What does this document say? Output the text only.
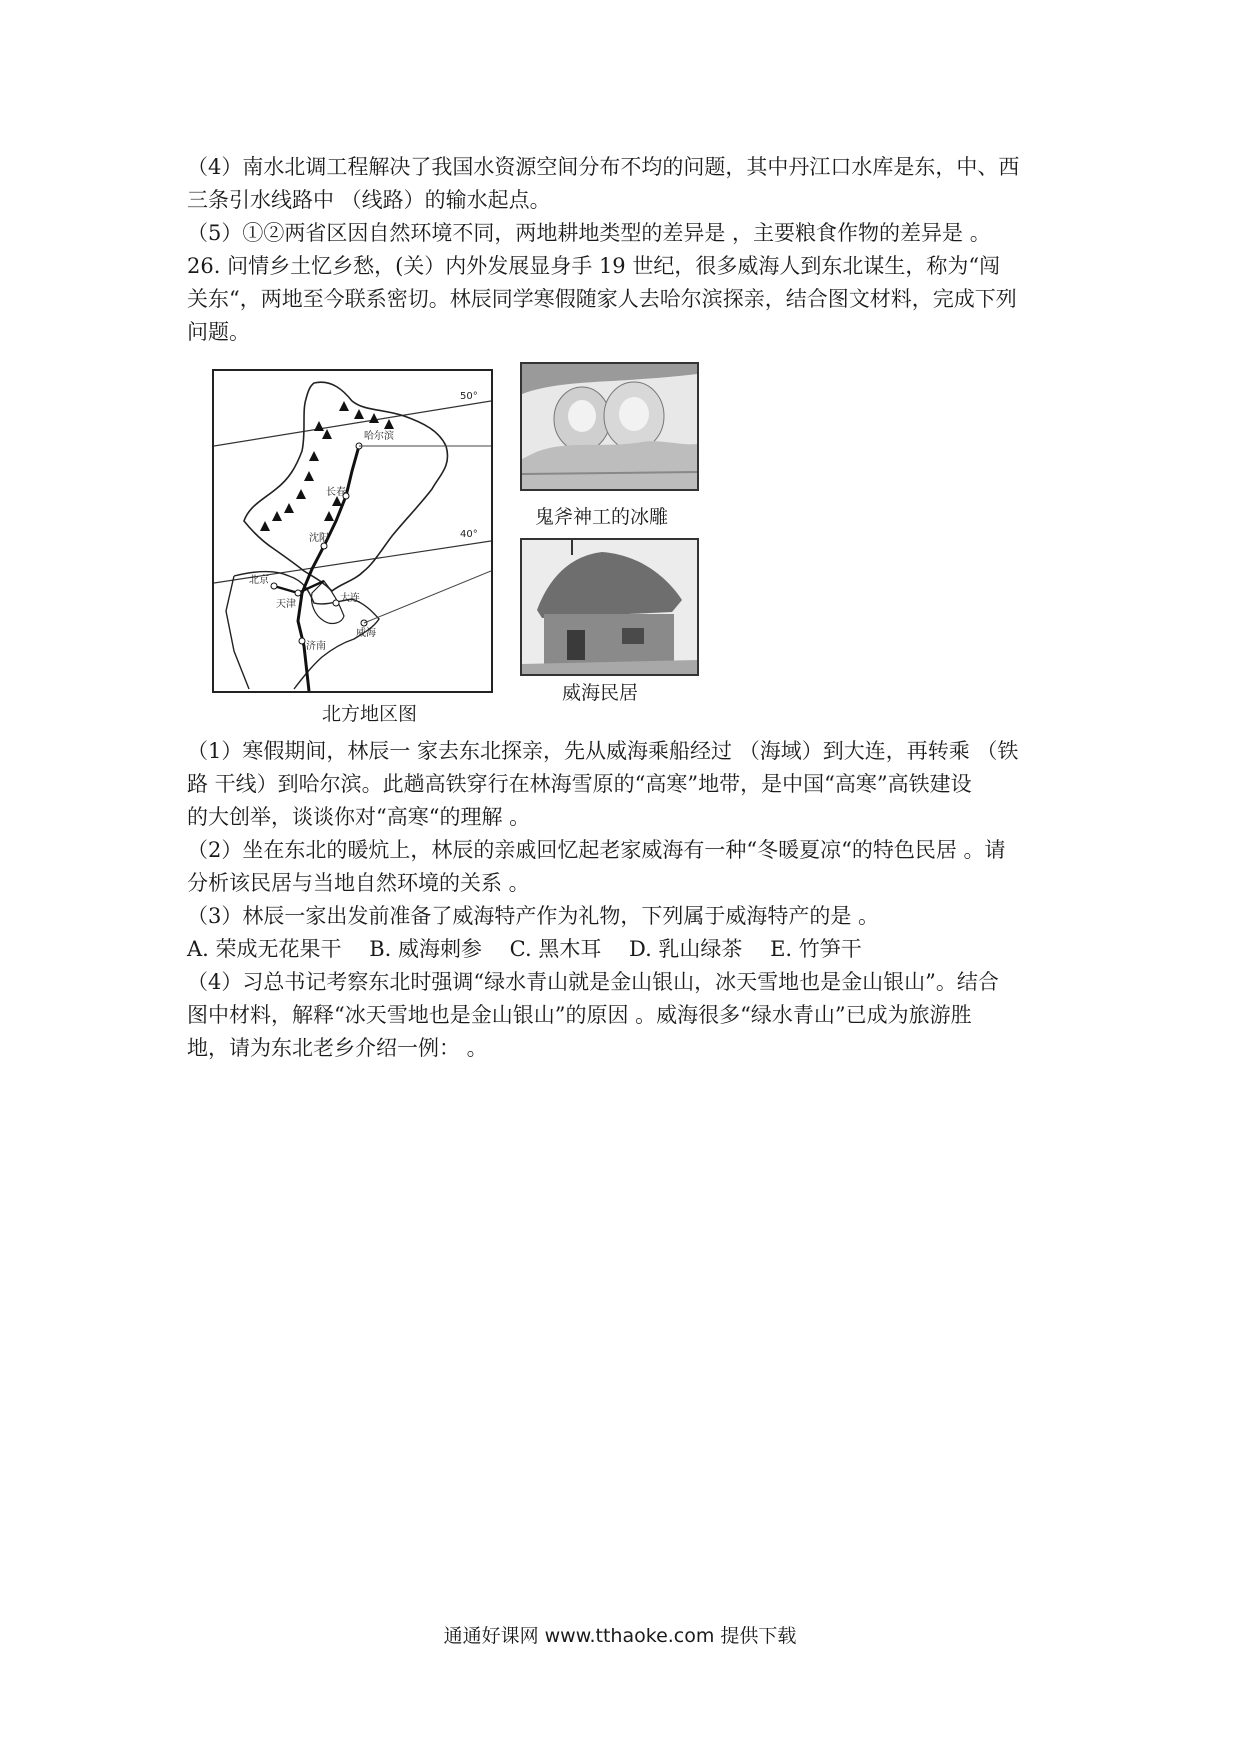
（4）南水北调工程解决了我国水资源空间分布不均的问题，其中丹江口水库是东，中、西
三条引水线路中 （线路）的输水起点。
（5）①②两省区因自然环境不同，两地耕地类型的差异是 ，主要粮食作物的差异是 。
26. 问情乡土忆乡愁，(关）内外发展显身手 19 世纪，很多威海人到东北谋生，称为“闯
关东“，两地至今联系密切。林辰同学寒假随家人去哈尔滨探亲，结合图文材料，完成下列
问题。
50°
40°
哈尔滨
长春
沈阳
北京
天津
大连
威海
济南
北方地区图
鬼斧神工的冰雕
威海民居
（1）寒假期间，林辰一 家去东北探亲，先从威海乘船经过 （海域）到大连，再转乘 （铁
路 干线）到哈尔滨。此趟高铁穿行在林海雪原的“高寒”地带，是中国“高寒”高铁建设
的大创举，谈谈你对“高寒“的理解 。
（2）坐在东北的暖炕上，林辰的亲戚回忆起老家威海有一种“冬暖夏凉“的特色民居 。请
分析该民居与当地自然环境的关系 。
（3）林辰一家出发前准备了威海特产作为礼物，下列属于威海特产的是 。
A. 荣成无花果干　 B. 威海刺参　 C. 黑木耳　 D. 乳山绿茶　 E. 竹笋干
（4）习总书记考察东北时强调“绿水青山就是金山银山，冰天雪地也是金山银山”。结合
图中材料，解释“冰天雪地也是金山银山”的原因 。威海很多“绿水青山”已成为旅游胜
地，请为东北老乡介绍一例： 。
通通好课网 www.tthaoke.com 提供下载
